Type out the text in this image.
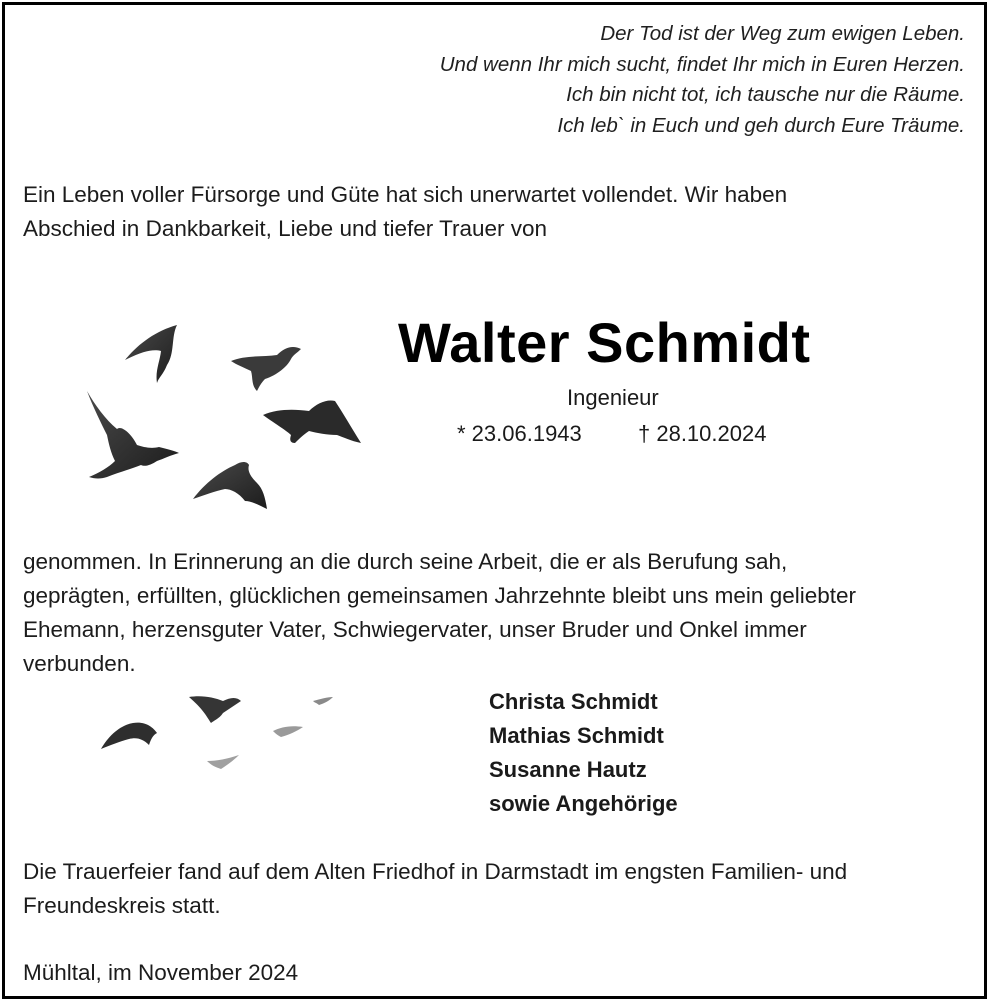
Der Tod ist der Weg zum ewigen Leben.
Und wenn Ihr mich sucht, findet Ihr mich in Euren Herzen.
Ich bin nicht tot, ich tausche nur die Räume.
Ich leb` in Euch und geh durch Eure Träume.
Ein Leben voller Fürsorge und Güte hat sich unerwartet vollendet. Wir haben
Abschied in Dankbarkeit, Liebe und tiefer Trauer von
Walter Schmidt
Ingenieur
* 23.06.1943	† 28.10.2024
genommen. In Erinnerung an die durch seine Arbeit, die er als Berufung sah,
geprägten, erfüllten, glücklichen gemeinsamen Jahrzehnte bleibt uns mein geliebter
Ehemann, herzensguter Vater, Schwiegervater, unser Bruder und Onkel immer
verbunden.
Christa Schmidt
Mathias Schmidt
Susanne Hautz
sowie Angehörige
Die Trauerfeier fand auf dem Alten Friedhof in Darmstadt im engsten Familien- und
Freundeskreis statt.
Mühltal, im November 2024
